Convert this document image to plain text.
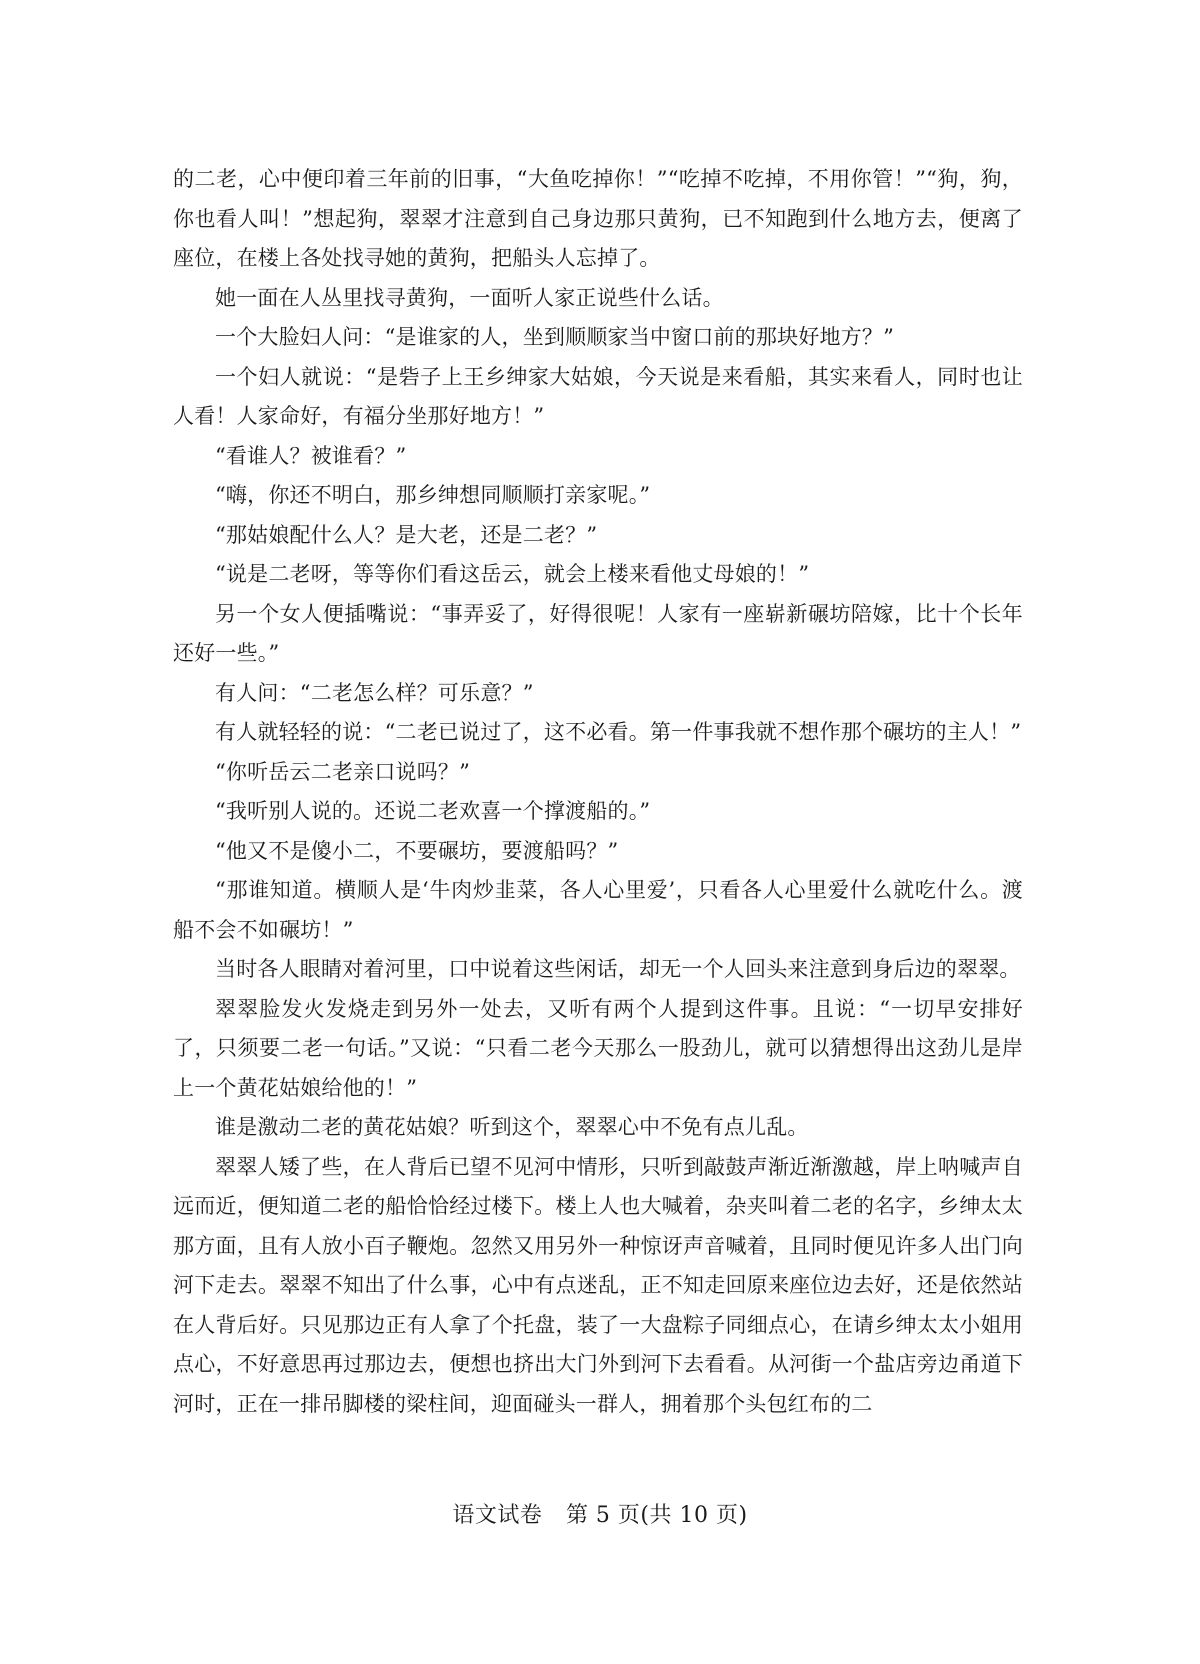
的二老，心中便印着三年前的旧事，“大鱼吃掉你！”“吃掉不吃掉，不用你管！”“狗，狗，你也看人叫！”想起狗，翠翠才注意到自己身边那只黄狗，已不知跑到什么地方去，便离了座位，在楼上各处找寻她的黄狗，把船头人忘掉了。

她一面在人丛里找寻黄狗，一面听人家正说些什么话。

一个大脸妇人问：“是谁家的人，坐到顺顺家当中窗口前的那块好地方？”

一个妇人就说：“是砦子上王乡绅家大姑娘，今天说是来看船，其实来看人，同时也让人看！人家命好，有福分坐那好地方！”

“看谁人？被谁看？”

“嗨，你还不明白，那乡绅想同顺顺打亲家呢。”

“那姑娘配什么人？是大老，还是二老？”

“说是二老呀，等等你们看这岳云，就会上楼来看他丈母娘的！”

另一个女人便插嘴说：“事弄妥了，好得很呢！人家有一座崭新碾坊陪嫁，比十个长年还好一些。”

有人问：“二老怎么样？可乐意？”

有人就轻轻的说：“二老已说过了，这不必看。第一件事我就不想作那个碾坊的主人！”

“你听岳云二老亲口说吗？”

“我听别人说的。还说二老欢喜一个撑渡船的。”

“他又不是傻小二，不要碾坊，要渡船吗？”

“那谁知道。横顺人是‘牛肉炒韭菜，各人心里爱’，只看各人心里爱什么就吃什么。渡船不会不如碾坊！”

当时各人眼睛对着河里，口中说着这些闲话，却无一个人回头来注意到身后边的翠翠。

翠翠脸发火发烧走到另外一处去，又听有两个人提到这件事。且说：“一切早安排好了，只须要二老一句话。”又说：“只看二老今天那么一股劲儿，就可以猜想得出这劲儿是岸上一个黄花姑娘给他的！”

谁是激动二老的黄花姑娘？听到这个，翠翠心中不免有点儿乱。

翠翠人矮了些，在人背后已望不见河中情形，只听到敲鼓声渐近渐激越，岸上呐喊声自远而近，便知道二老的船恰恰经过楼下。楼上人也大喊着，杂夹叫着二老的名字，乡绅太太那方面，且有人放小百子鞭炮。忽然又用另外一种惊讶声音喊着，且同时便见许多人出门向河下走去。翠翠不知出了什么事，心中有点迷乱，正不知走回原来座位边去好，还是依然站在人背后好。只见那边正有人拿了个托盘，装了一大盘粽子同细点心，在请乡绅太太小姐用点心，不好意思再过那边去，便想也挤出大门外到河下去看看。从河街一个盐店旁边甬道下河时，正在一排吊脚楼的梁柱间，迎面碰头一群人，拥着那个头包红布的二

语文试卷 第 5 页(共 10 页)
